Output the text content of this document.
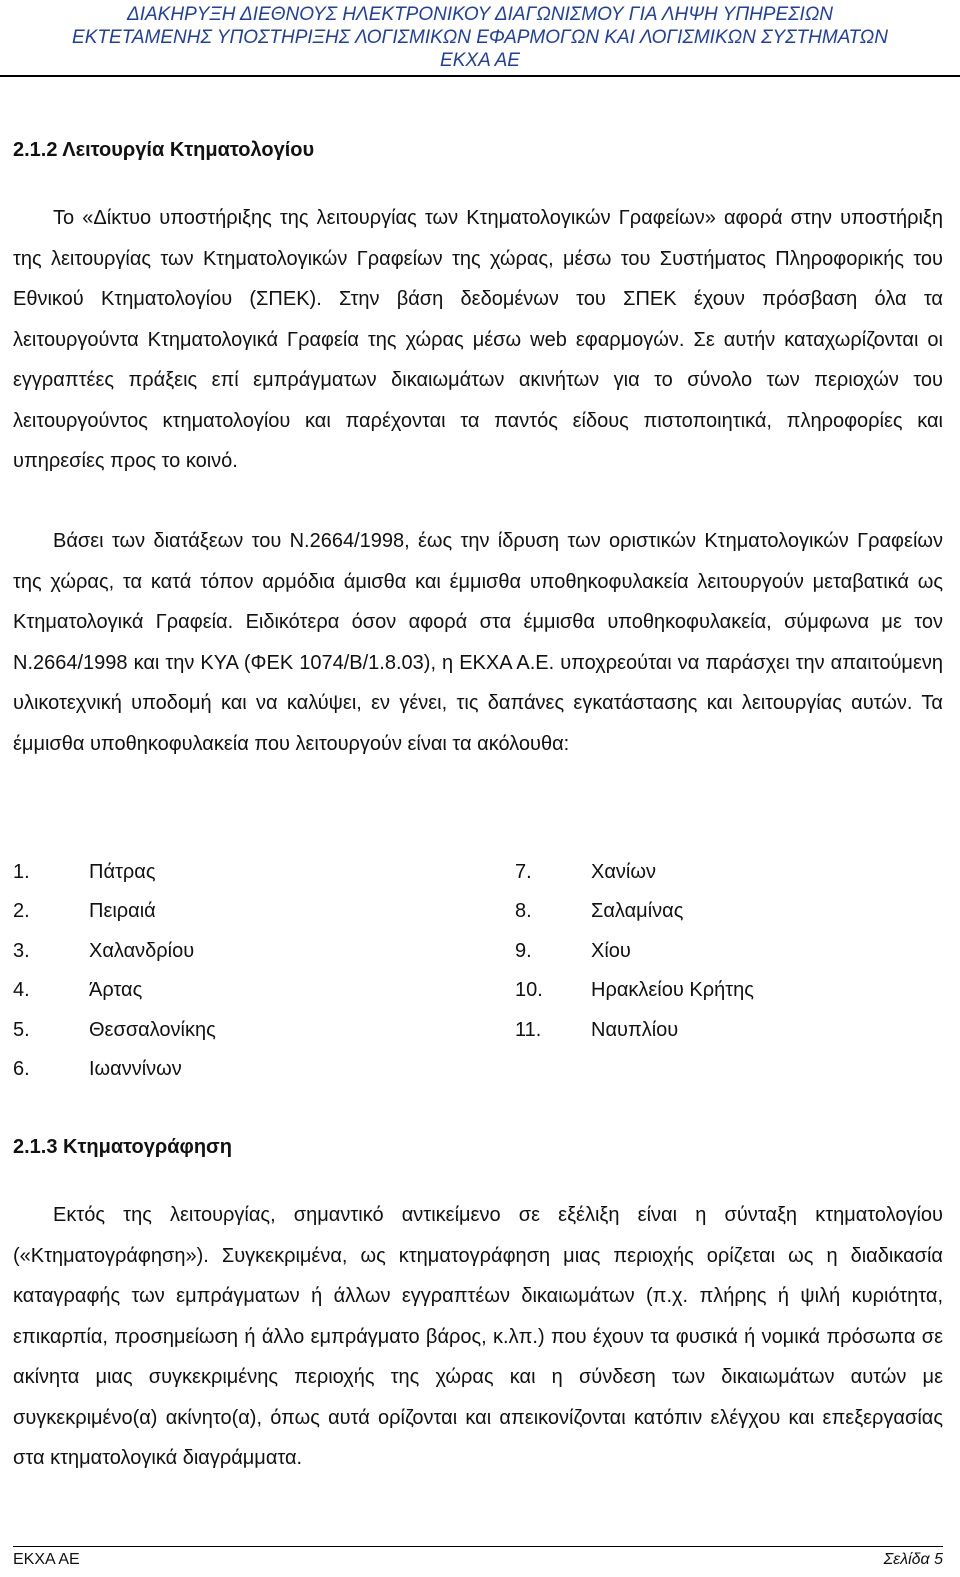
ΔΙΑΚΗΡΥΞΗ ΔΙΕΘΝΟΥΣ ΗΛΕΚΤΡΟΝΙΚΟΥ ΔΙΑΓΩΝΙΣΜΟΥ ΓΙΑ ΛΗΨΗ ΥΠΗΡΕΣΙΩΝ
ΕΚΤΕΤΑΜΕΝΗΣ ΥΠΟΣΤΗΡΙΞΗΣ ΛΟΓΙΣΜΙΚΩΝ ΕΦΑΡΜΟΓΩΝ ΚΑΙ ΛΟΓΙΣΜΙΚΩΝ ΣΥΣΤΗΜΑΤΩΝ
ΕΚΧΑ ΑΕ
2.1.2 Λειτουργία Κτηματολογίου

Το «Δίκτυο υποστήριξης της λειτουργίας των Κτηματολογικών Γραφείων» αφορά στην υποστήριξη της λειτουργίας των Κτηματολογικών Γραφείων της χώρας, μέσω του Συστήματος Πληροφορικής του Εθνικού Κτηματολογίου (ΣΠΕΚ). Στην βάση δεδομένων του ΣΠΕΚ έχουν πρόσβαση όλα τα λειτουργούντα Κτηματολογικά Γραφεία της χώρας μέσω web εφαρμογών. Σε αυτήν καταχωρίζονται οι εγγραπτέες πράξεις επί εμπράγματων δικαιωμάτων ακινήτων για το σύνολο των περιοχών του λειτουργούντος κτηματολογίου και παρέχονται τα παντός είδους πιστοποιητικά, πληροφορίες και υπηρεσίες προς το κοινό.

Βάσει των διατάξεων του Ν.2664/1998, έως την ίδρυση των οριστικών Κτηματολογικών Γραφείων της χώρας, τα κατά τόπον αρμόδια άμισθα και έμμισθα υποθηκοφυλακεία λειτουργούν μεταβατικά ως Κτηματολογικά Γραφεία. Ειδικότερα όσον αφορά στα έμμισθα υποθηκοφυλακεία, σύμφωνα με τον Ν.2664/1998 και την ΚΥΑ (ΦΕΚ 1074/Β/1.8.03), η ΕΚΧΑ Α.Ε. υποχρεούται να παράσχει την απαιτούμενη υλικοτεχνική υποδομή και να καλύψει, εν γένει, τις δαπάνες εγκατάστασης και λειτουργίας αυτών. Τα έμμισθα υποθηκοφυλακεία που λειτουργούν είναι τα ακόλουθα:

1.	Πάτρας
2.	Πειραιά
3.	Χαλανδρίου
4.	Άρτας
5.	Θεσσαλονίκης
6.	Ιωαννίνων
7.	Χανίων
8.	Σαλαμίνας
9.	Χίου
10. Ηρακλείου Κρήτης
11. Ναυπλίου
2.1.3 Κτηματογράφηση

Εκτός της λειτουργίας, σημαντικό αντικείμενο σε εξέλιξη είναι η σύνταξη κτηματολογίου («Κτηματογράφηση»). Συγκεκριμένα, ως κτηματογράφηση μιας περιοχής ορίζεται ως η διαδικασία καταγραφής των εμπράγματων ή άλλων εγγραπτέων δικαιωμάτων (π.χ. πλήρης ή ψιλή κυριότητα, επικαρπία, προσημείωση ή άλλο εμπράγματο βάρος, κ.λπ.) που έχουν τα φυσικά ή νομικά πρόσωπα σε ακίνητα μιας συγκεκριμένης περιοχής της χώρας και η σύνδεση των δικαιωμάτων αυτών με συγκεκριμένο(α) ακίνητο(α), όπως αυτά ορίζονται και απεικονίζονται κατόπιν ελέγχου και επεξεργασίας στα κτηματολογικά διαγράμματα.

ΕΚΧΑ ΑΕ	Σελίδα 5
